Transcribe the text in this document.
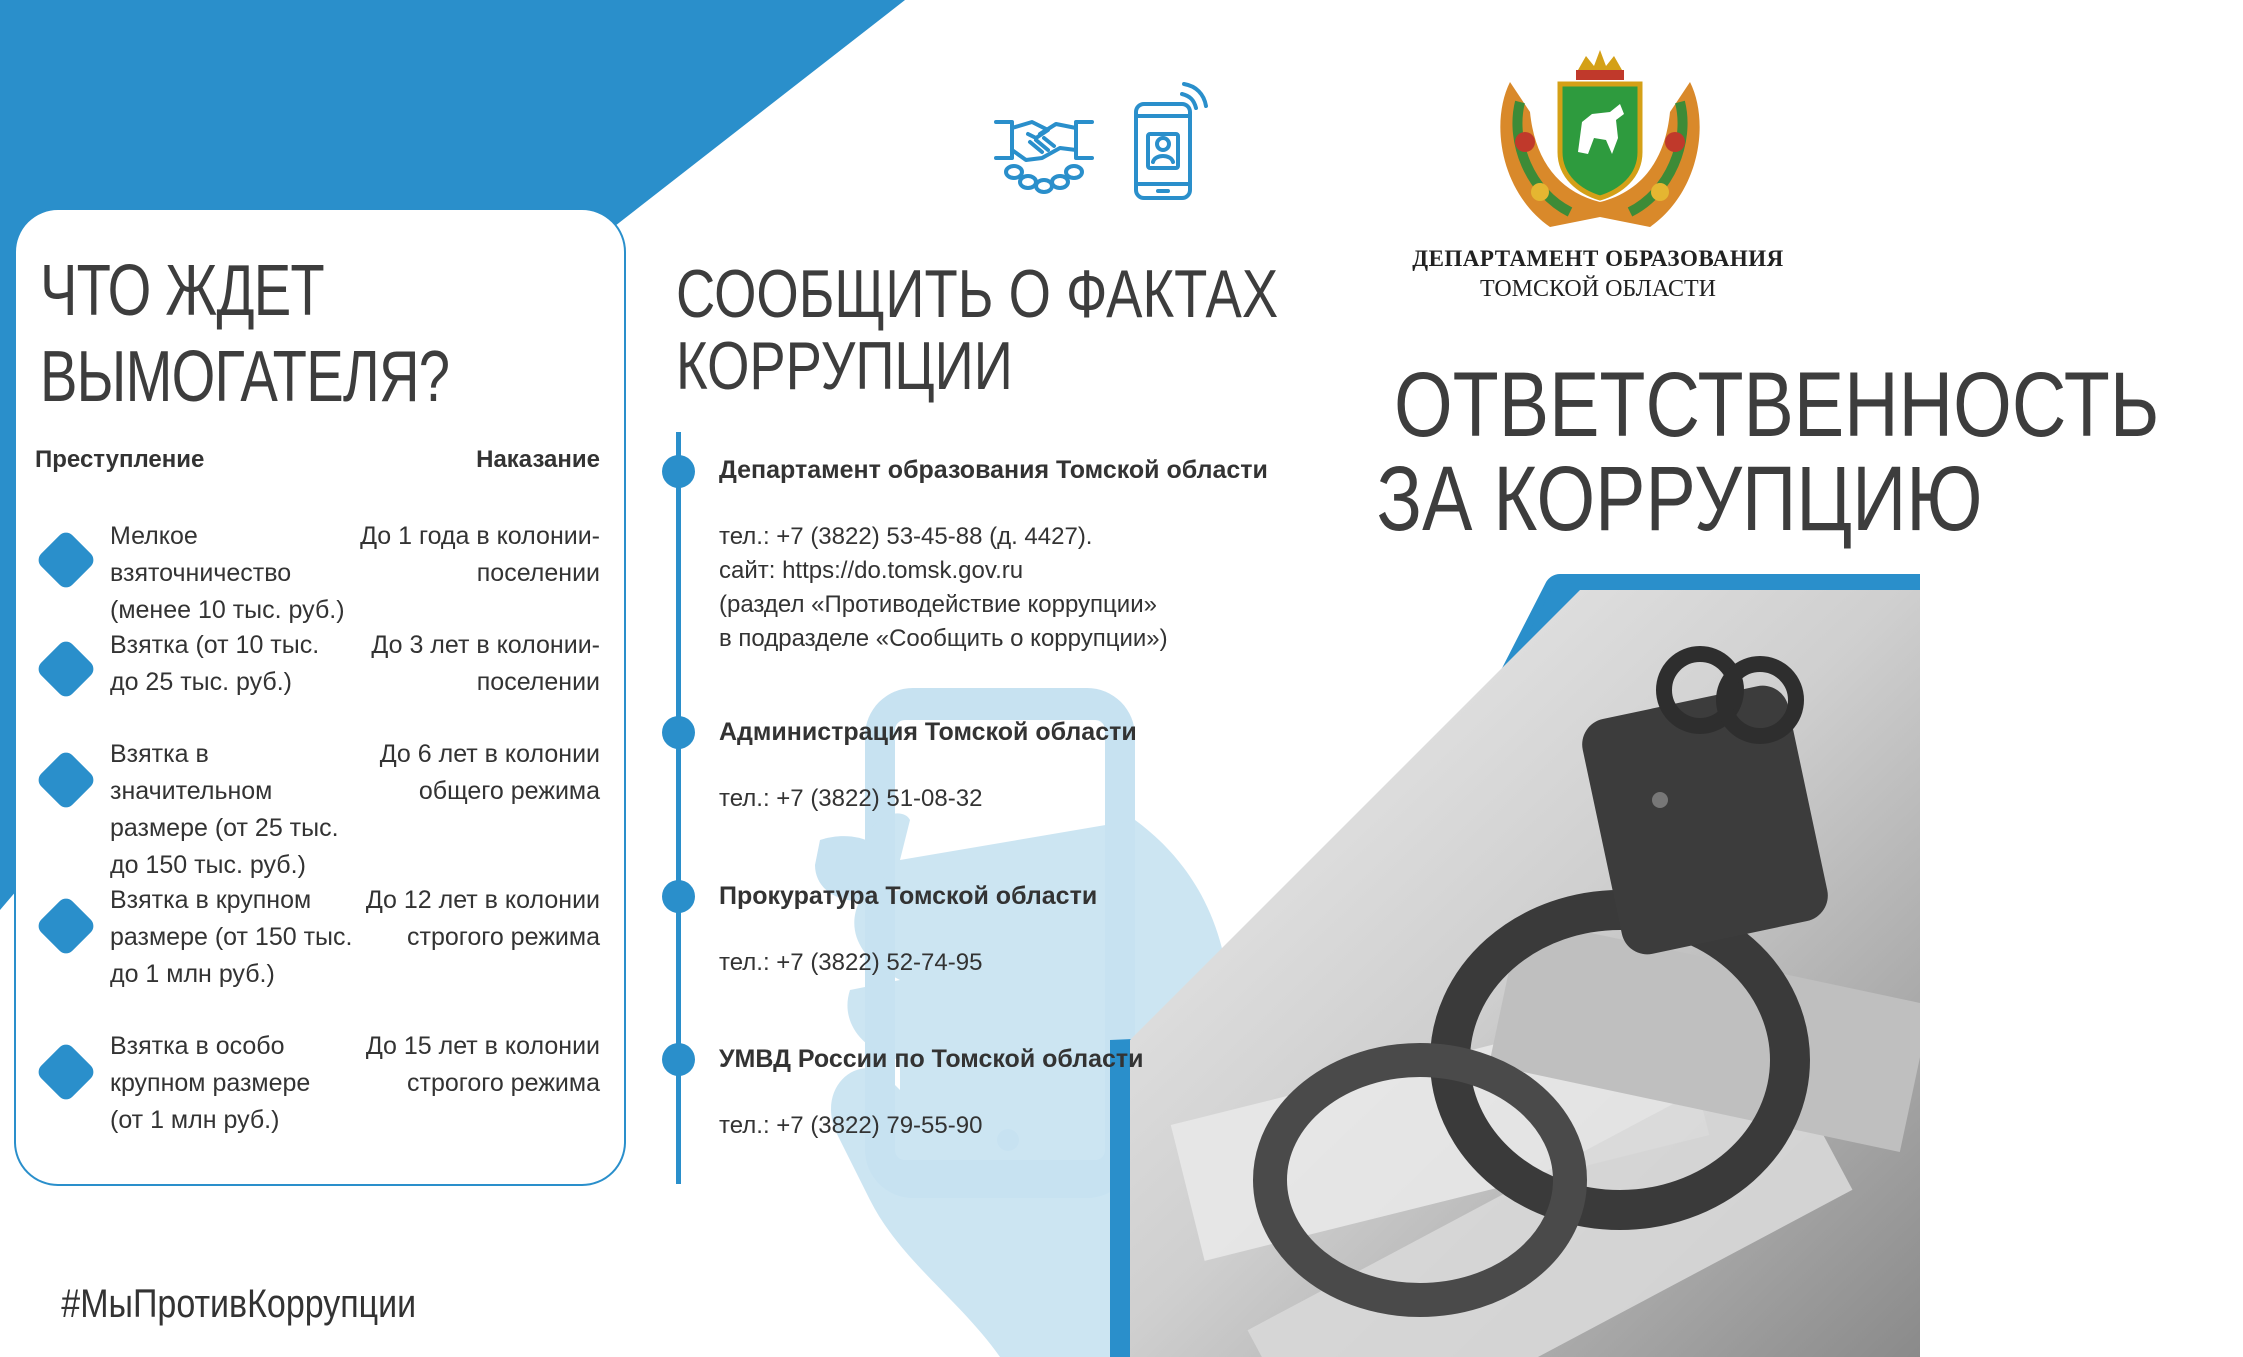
ЧТО ЖДЕТ
ВЫМОГАТЕЛЯ?
Преступление	Наказание
Мелкое взяточничество
(менее 10 тыс. руб.)
До 1 года в колонии-
поселении
Взятка (от 10 тыс.
до 25 тыс. руб.)
До 3 лет в колонии-
поселении
Взятка в значительном
размере (от 25 тыс.
до 150 тыс. руб.)
До 6 лет в колонии
общего режима
Взятка в крупном
размере (от 150 тыс.
до 1 млн руб.)
До 12 лет в колонии
строгого режима
Взятка в особо
крупном размере
(от 1 млн руб.)
До 15 лет в колонии
строгого режима
СООБЩИТЬ О ФАКТАХ
КОРРУПЦИИ
Департамент образования Томской области
тел.: +7 (3822) 53-45-88 (д. 4427).
сайт: https://do.tomsk.gov.ru
(раздел «Противодействие коррупции»
в подразделе «Сообщить о коррупции»)
Администрация Томской области
тел.: +7 (3822) 51-08-32
Прокуратура Томской области
тел.: +7 (3822) 52-74-95
УМВД России по Томской области
тел.: +7 (3822) 79-55-90
ДЕПАРТАМЕНТ ОБРАЗОВАНИЯ
ТОМСКОЙ ОБЛАСТИ
ОТВЕТСТВЕННОСТЬ
ЗА КОРРУПЦИЮ
#МыПротивКоррупции
